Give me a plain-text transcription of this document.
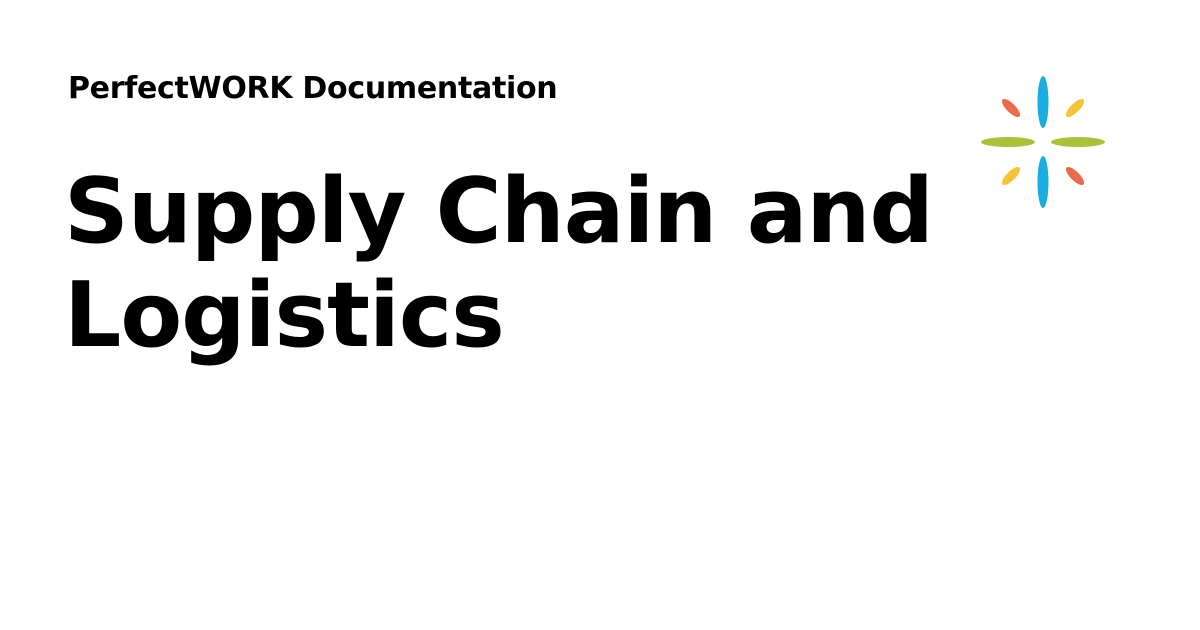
PerfectWORK Documentation
Supply Chain and Logistics
